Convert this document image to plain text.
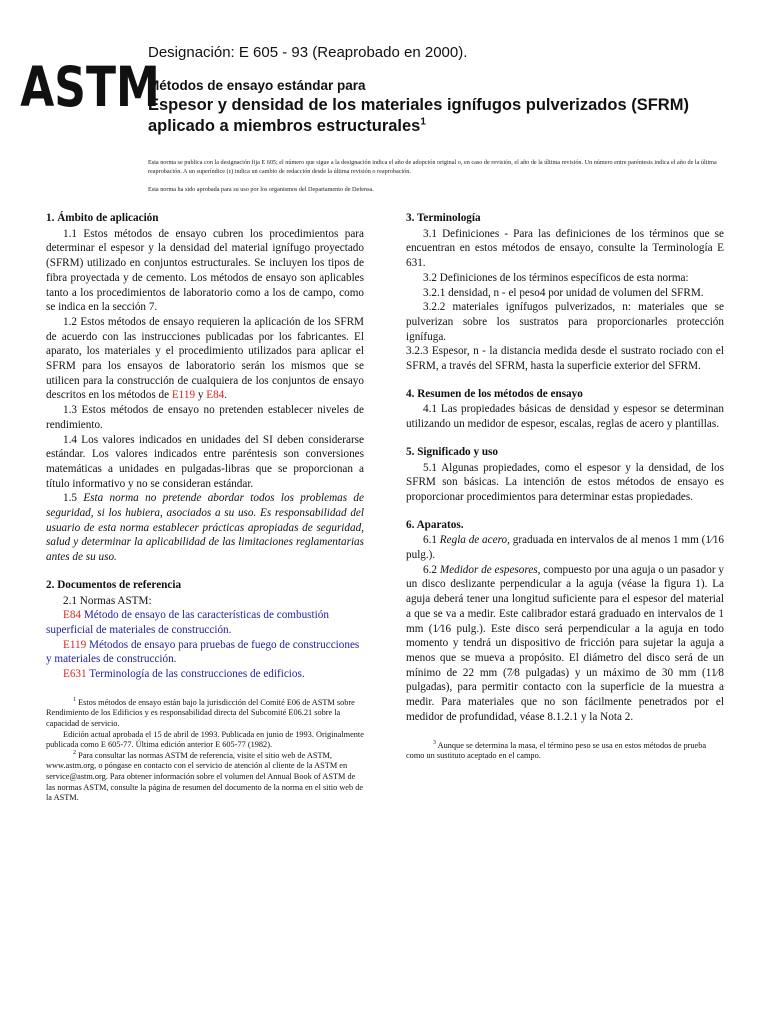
ASTM
Designación: E 605 - 93 (Reaprobado en 2000).
Métodos de ensayo estándar para
Espesor y densidad de los materiales ignífugos pulverizados (SFRM) aplicado a miembros estructurales$^1$
Esta norma se publica con la designación fija E 605; el número que sigue a la designación indica el año de adopción original o, en caso de revisión, el año de la última revisión. Un número entre paréntesis indica el año de la última reaprobación. A un superíndice (ε) indica un cambio de redacción desde la última revisión o reaprobación.
Esta norma ha sido aprobada para su uso por los organismos del Departamento de Defensa.
1. Ámbito de aplicación

1.1 Estos métodos de ensayo cubren los procedimientos para determinar el espesor y la densidad del material ignífugo proyectado (SFRM) utilizado en conjuntos estructurales. Se incluyen los tipos de fibra proyectada y de cemento. Los métodos de ensayo son aplicables tanto a los procedimientos de laboratorio como a los de campo, como se indica en la sección 7.

1.2 Estos métodos de ensayo requieren la aplicación de los SFRM de acuerdo con las instrucciones publicadas por los fabricantes. El aparato, los materiales y el procedimiento utilizados para aplicar el SFRM para los ensayos de laboratorio serán los mismos que se utilicen para la construcción de cualquiera de los conjuntos de ensayo descritos en los métodos de E119 y E84.

1.3 Estos métodos de ensayo no pretenden establecer niveles de rendimiento.

1.4 Los valores indicados en unidades del SI deben considerarse estándar. Los valores indicados entre paréntesis son conversiones matemáticas a unidades en pulgadas-libras que se proporcionan a título informativo y no se consideran estándar.

1.5 Esta norma no pretende abordar todos los problemas de seguridad, si los hubiera, asociados a su uso. Es responsabilidad del usuario de esta norma establecer prácticas apropiadas de seguridad, salud y determinar la aplicabilidad de las limitaciones reglamentarias antes de su uso.

2. Documentos de referencia

2.1 Normas ASTM:

E84 Método de ensayo de las características de combustión superficial de materiales de construcción.

E119 Métodos de ensayo para pruebas de fuego de construcciones y materiales de construcción.

E631 Terminología de las construcciones de edificios.

$^1$ Estos métodos de ensayo están bajo la jurisdicción del Comité E06 de ASTM sobre Rendimiento de los Edificios y es responsabilidad directa del Subcomité E06.21 sobre la capacidad de servicio.

Edición actual aprobada el 15 de abril de 1993. Publicada en junio de 1993. Originalmente publicada como E 605-77. Última edición anterior E 605-77 (1982).

$^2$ Para consultar las normas ASTM de referencia, visite el sitio web de ASTM, www.astm.org, o póngase en contacto con el servicio de atención al cliente de la ASTM en service@astm.org. Para obtener información sobre el volumen del Annual Book of ASTM de las normas ASTM, consulte la página de resumen del documento de la norma en el sitio web de la ASTM.

3. Terminología

3.1 Definiciones - Para las definiciones de los términos que se encuentran en estos métodos de ensayo, consulte la Terminología E 631.

3.2 Definiciones de los términos específicos de esta norma:

3.2.1 densidad, n - el peso4 por unidad de volumen del SFRM.

3.2.2 materiales ignífugos pulverizados, n: materiales que se pulverizan sobre los sustratos para proporcionarles protección ignífuga.

3.2.3 Espesor, n - la distancia medida desde el sustrato rociado con el SFRM, a través del SFRM, hasta la superficie exterior del SFRM.

4. Resumen de los métodos de ensayo

4.1 Las propiedades básicas de densidad y espesor se determinan utilizando un medidor de espesor, escalas, reglas de acero y plantillas.

5. Significado y uso

5.1 Algunas propiedades, como el espesor y la densidad, de los SFRM son básicas. La intención de estos métodos de ensayo es proporcionar procedimientos para determinar estas propiedades.

6. Aparatos.

6.1 Regla de acero, graduada en intervalos de al menos 1 mm (1⁄16 pulg.).

6.2 Medidor de espesores, compuesto por una aguja o un pasador y un disco deslizante perpendicular a la aguja (véase la figura 1). La aguja deberá tener una longitud suficiente para el espesor del material a que se va a medir. Este calibrador estará graduado en intervalos de 1 mm (1⁄16 pulg.). Este disco será perpendicular a la aguja en todo momento y tendrá un dispositivo de fricción para sujetar la aguja a menos que se mueva a propósito. El diámetro del disco será de un mínimo de 22 mm (7⁄8 pulgadas) y un máximo de 30 mm (11⁄8 pulgadas), para permitir contacto con la superficie de la muestra a medir. Para materiales que no son fácilmente penetrados por el medidor de profundidad, véase 8.1.2.1 y la Nota 2.

$^3$ Aunque se determina la masa, el término peso se usa en estos métodos de prueba como un sustituto aceptado en el campo.
